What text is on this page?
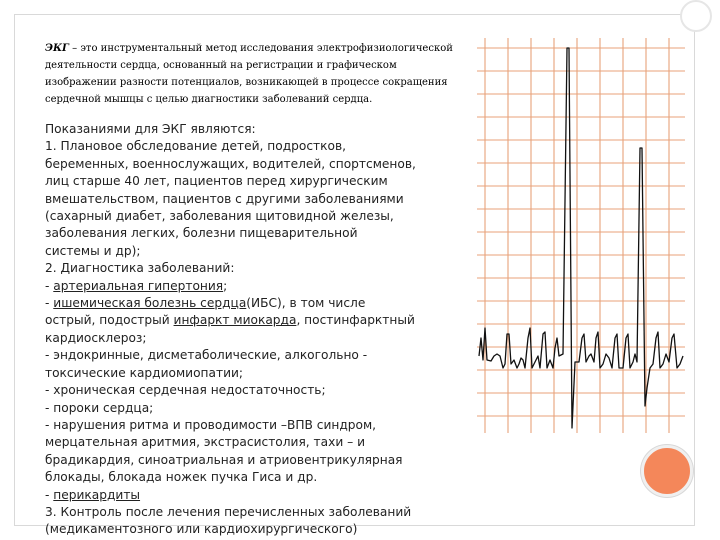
ЭКГ – это инструментальный метод исследования электрофизиологической деятельности сердца, основанный на регистрации и графическом изображении разности потенциалов, возникающей в процессе сокращения сердечной мышцы с целью диагностики заболеваний сердца.
Показаниями для ЭКГ являются:
1. Плановое обследование детей, подростков,
беременных, военнослужащих, водителей, спортсменов,
лиц старше 40 лет, пациентов перед хирургическим
вмешательством, пациентов с другими заболеваниями
(сахарный диабет, заболевания щитовидной железы,
заболевания легких, болезни пищеварительной
системы и др);
2. Диагностика заболеваний:
- артериальная гипертония;
- ишемическая болезнь сердца(ИБС), в том числе
острый, подострый инфаркт миокарда, постинфарктный
кардиосклероз;
- эндокринные, дисметаболические, алкогольно -
токсические кардиомиопатии;
- хроническая сердечная недостаточность;
- пороки сердца;
- нарушения ритма и проводимости –ВПВ синдром,
мерцательная аритмия, экстрасистолия, тахи – и
брадикардия, синоатриальная и атриовентрикулярная
блокады, блокада ножек пучка Гиса и др.
- перикардиты
3. Контроль после лечения перечисленных заболеваний
(медикаментозного или кардиохирургического)
